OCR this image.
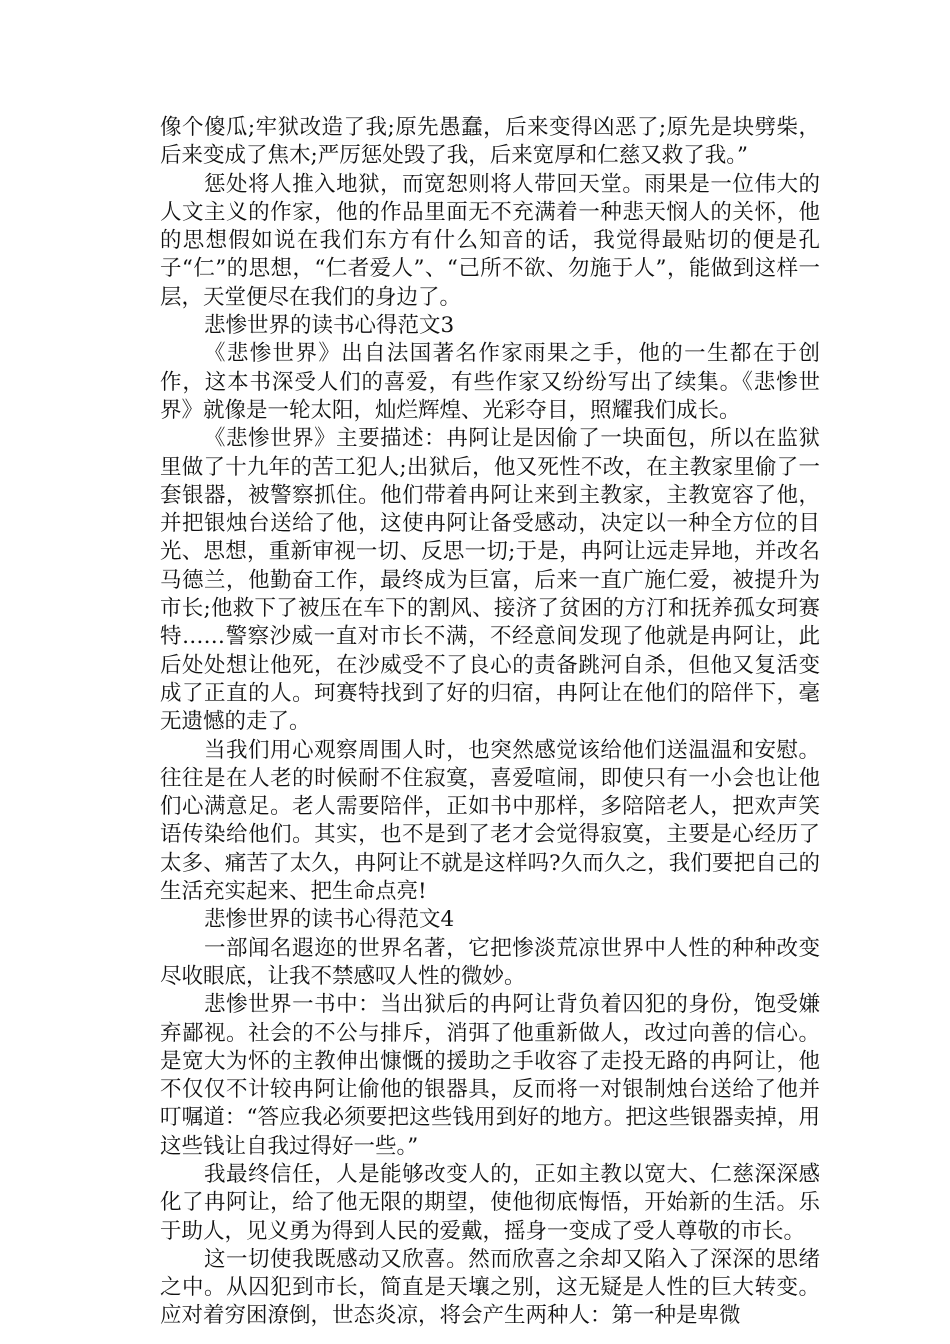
像个傻瓜;牢狱改造了我;原先愚蠢，后来变得凶恶了;原先是块劈柴，后来变成了焦木;严厉惩处毁了我，后来宽厚和仁慈又救了我。”

惩处将人推入地狱，而宽恕则将人带回天堂。雨果是一位伟大的人文主义的作家，他的作品里面无不充满着一种悲天悯人的关怀，他的思想假如说在我们东方有什么知音的话，我觉得最贴切的便是孔子“仁”的思想，“仁者爱人”、“己所不欲、勿施于人”，能做到这样一层，天堂便尽在我们的身边了。

悲惨世界的读书心得范文3

《悲惨世界》出自法国著名作家雨果之手，他的一生都在于创作，这本书深受人们的喜爱，有些作家又纷纷写出了续集。《悲惨世界》就像是一轮太阳，灿烂辉煌、光彩夺目，照耀我们成长。

《悲惨世界》主要描述：冉阿让是因偷了一块面包，所以在监狱里做了十九年的苦工犯人;出狱后，他又死性不改，在主教家里偷了一套银器，被警察抓住。他们带着冉阿让来到主教家，主教宽容了他，并把银烛台送给了他，这使冉阿让备受感动，决定以一种全方位的目光、思想，重新审视一切、反思一切;于是，冉阿让远走异地，并改名马德兰，他勤奋工作，最终成为巨富，后来一直广施仁爱，被提升为市长;他救下了被压在车下的割风、接济了贫困的方汀和抚养孤女珂赛特……警察沙威一直对市长不满，不经意间发现了他就是冉阿让，此后处处想让他死，在沙威受不了良心的责备跳河自杀，但他又复活变成了正直的人。珂赛特找到了好的归宿，冉阿让在他们的陪伴下，毫无遗憾的走了。

当我们用心观察周围人时，也突然感觉该给他们送温温和安慰。往往是在人老的时候耐不住寂寞，喜爱喧闹，即使只有一小会也让他们心满意足。老人需要陪伴，正如书中那样，多陪陪老人，把欢声笑语传染给他们。其实，也不是到了老才会觉得寂寞，主要是心经历了太多、痛苦了太久，冉阿让不就是这样吗?久而久之，我们要把自己的生活充实起来、把生命点亮!

悲惨世界的读书心得范文4

一部闻名遐迩的世界名著，它把惨淡荒凉世界中人性的种种改变尽收眼底，让我不禁感叹人性的微妙。

悲惨世界一书中：当出狱后的冉阿让背负着囚犯的身份，饱受嫌弃鄙视。社会的不公与排斥，消弭了他重新做人，改过向善的信心。是宽大为怀的主教伸出慷慨的援助之手收容了走投无路的冉阿让，他不仅仅不计较冉阿让偷他的银器具，反而将一对银制烛台送给了他并叮嘱道：“答应我必须要把这些钱用到好的地方。把这些银器卖掉，用这些钱让自我过得好一些。”

我最终信任，人是能够改变人的，正如主教以宽大、仁慈深深感化了冉阿让，给了他无限的期望，使他彻底悔悟，开始新的生活。乐于助人，见义勇为得到人民的爱戴，摇身一变成了受人尊敬的市长。

这一切使我既感动又欣喜。然而欣喜之余却又陷入了深深的思绪之中。从囚犯到市长，简直是天壤之别，这无疑是人性的巨大转变。应对着穷困潦倒，世态炎凉，将会产生两种人：第一种是卑微
